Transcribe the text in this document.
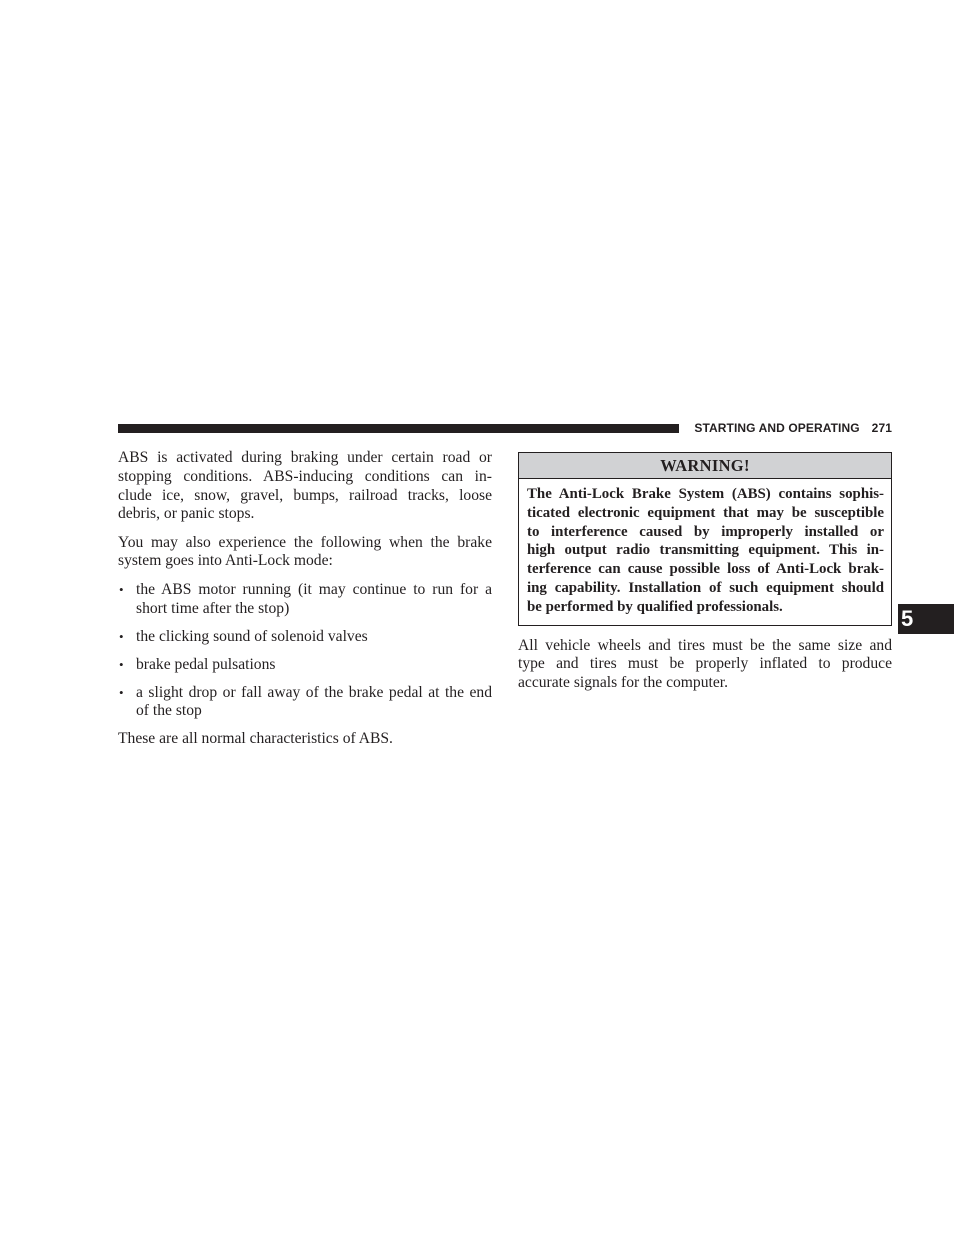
STARTING AND OPERATING 271

ABS is activated during braking under certain road or
stopping conditions. ABS-inducing conditions can in-
clude ice, snow, gravel, bumps, railroad tracks, loose
debris, or panic stops.

You may also experience the following when the brake
system goes into Anti-Lock mode:

• the ABS motor running (it may continue to run for a
short time after the stop)
• the clicking sound of solenoid valves
• brake pedal pulsations
• a slight drop or fall away of the brake pedal at the end
of the stop

These are all normal characteristics of ABS.

WARNING!
The Anti-Lock Brake System (ABS) contains sophis-
ticated electronic equipment that may be susceptible
to interference caused by improperly installed or
high output radio transmitting equipment. This in-
terference can cause possible loss of Anti-Lock brak-
ing capability. Installation of such equipment should
be performed by qualified professionals.

All vehicle wheels and tires must be the same size and
type and tires must be properly inflated to produce
accurate signals for the computer.

5
